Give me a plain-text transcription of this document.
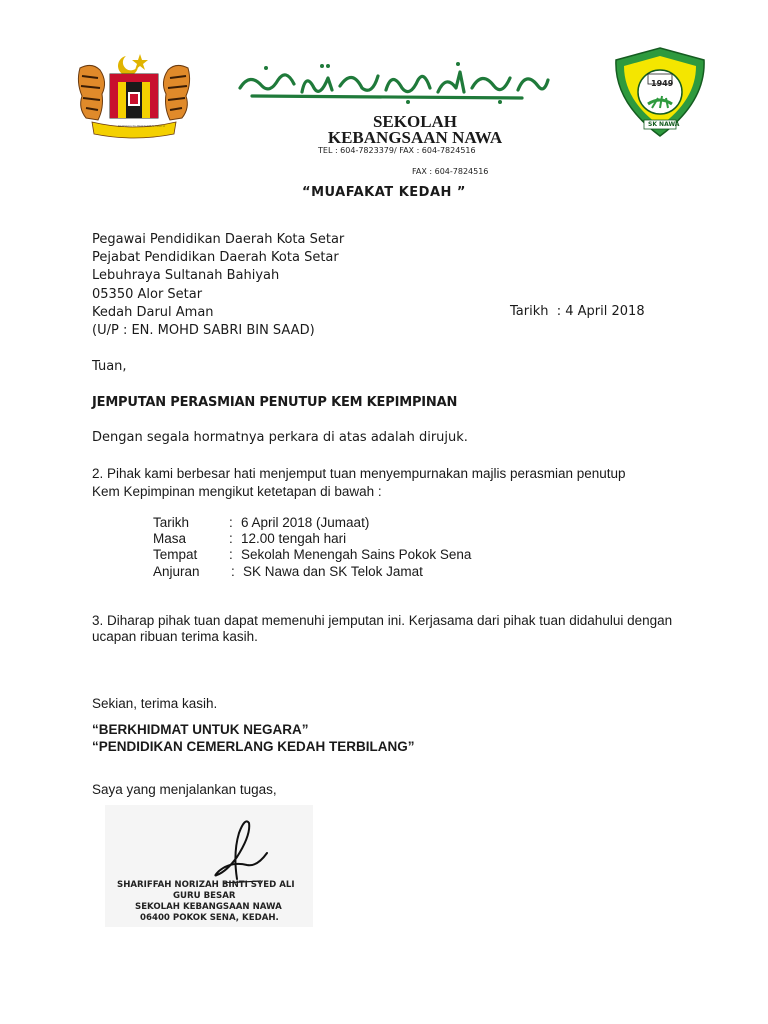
BERSEKUTU BERTAMBAH MUTU
1949
SK NAWA
SEKOLAH
KEBANGSAAN NAWA
TEL : 604-7823379/ FAX : 604-7824516
FAX : 604-7824516
“MUAFAKAT KEDAH ”
Pegawai Pendidikan Daerah Kota Setar
Pejabat Pendidikan Daerah Kota Setar
Lebuhraya Sultanah Bahiyah
05350 Alor Setar
Kedah Darul Aman
(U/P : EN. MOHD SABRI BIN SAAD)
Tarikh  : 4 April 2018
Tuan,
JEMPUTAN PERASMIAN PENUTUP KEM KEPIMPINAN
Dengan segala hormatnya perkara di atas adalah dirujuk.
2. Pihak kami berbesar hati menjemput tuan menyempurnakan majlis perasmian penutup
Kem Kepimpinan mengikut ketetapan di bawah :
Tarikh	: 6 April 2018 (Jumaat)
Masa	: 12.00 tengah hari
Tempat	: Sekolah Menengah Sains Pokok Sena
Anjuran	: SK Nawa dan SK Telok Jamat
3. Diharap pihak tuan dapat memenuhi jemputan ini. Kerjasama dari pihak tuan didahului dengan
ucapan ribuan terima kasih.
Sekian, terima kasih.
“BERKHIDMAT UNTUK NEGARA”
“PENDIDIKAN CEMERLANG KEDAH TERBILANG”
Saya yang menjalankan tugas,
SHARIFFAH NORIZAH BINTI SYED ALI
GURU BESAR
SEKOLAH KEBANGSAAN NAWA
06400 POKOK SENA, KEDAH.
